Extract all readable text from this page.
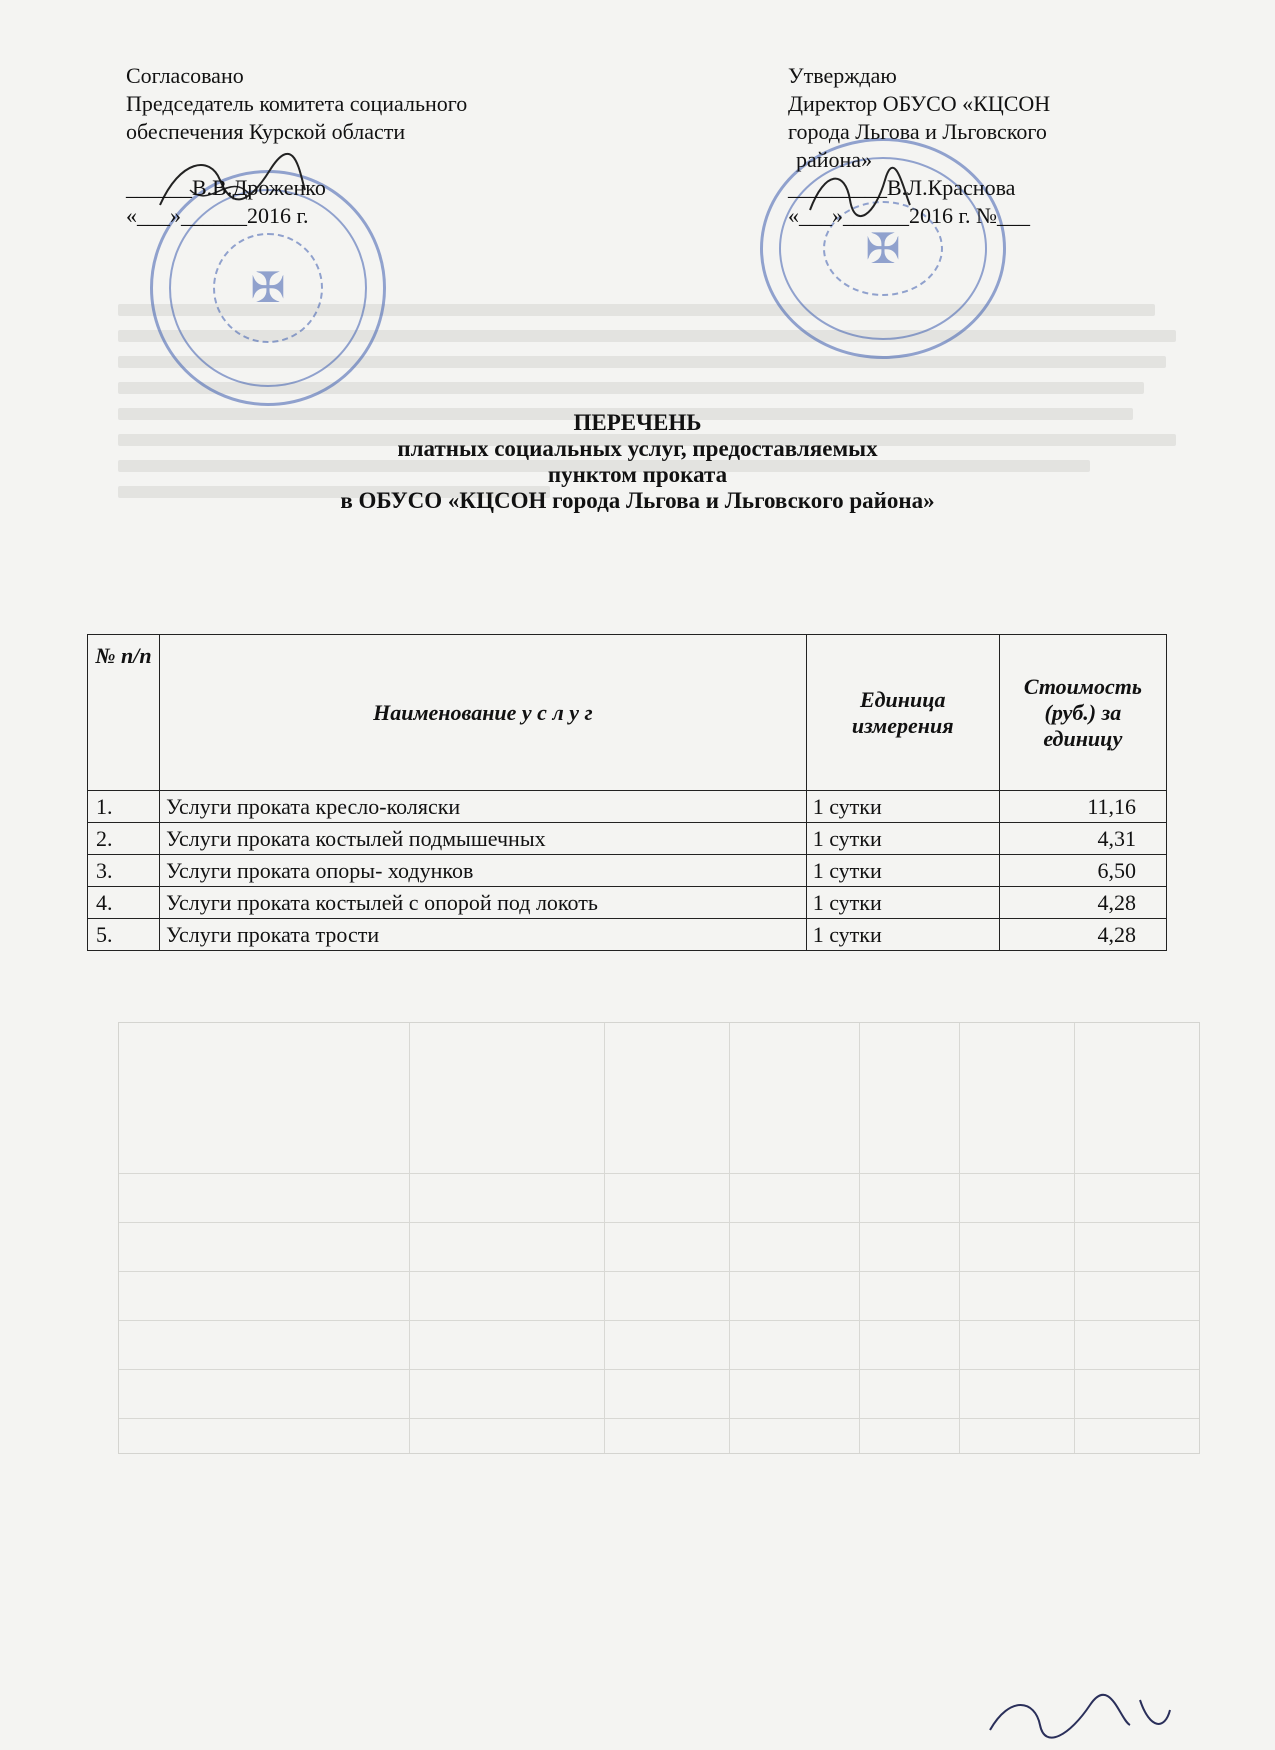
✠
✠
Согласовано
Председатель комитета социального
обеспечения Курской области
______В.В.Дроженко
«___»______2016 г.
Утверждаю
Директор ОБУСО «КЦСОН
города Льгова и Льговского
района»
_________В.Л.Краснова
«___»______2016 г. №___
ПЕРЕЧЕНЬ
платных социальных услуг, предоставляемых
пунктом проката
в ОБУСО «КЦСОН города Льгова и Льговского района»
№ п/п	Наименование у с л у г	Единица измерения	Стоимость (руб.) за единицу
1.	Услуги проката кресло-коляски	1 сутки	11,16
2.	Услуги проката костылей подмышечных	1 сутки	4,31
3.	Услуги проката опоры- ходунков	1 сутки	6,50
4.	Услуги проката костылей с опорой под локоть	1 сутки	4,28
5.	Услуги проката трости	1 сутки	4,28
